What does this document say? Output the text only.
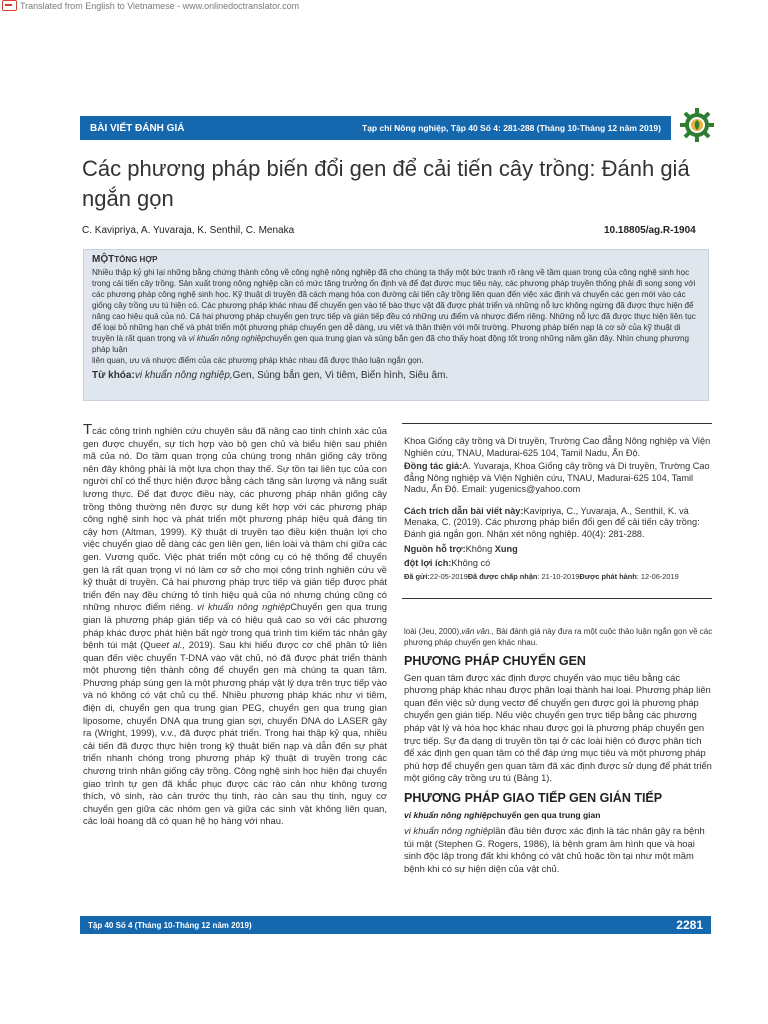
Translated from English to Vietnamese - www.onlinedoctranslator.com
BÀI VIẾT ĐÁNH GIÁ	Tạp chí Nông nghiệp, Tập 40 Số 4: 281-288 (Tháng 10-Tháng 12 năm 2019)
Các phương pháp biến đổi gen để cải tiến cây trồng: Đánh giá ngắn gọn
C. Kavipriya, A. Yuvaraja, K. Senthil, C. Menaka	10.18805/ag.R-1904
MỘTTỔNG HỢP
Nhiều thập kỷ ghi lại những bằng chứng thành công về công nghệ nông nghiệp đã cho chúng ta thấy một bức tranh rõ ràng về tầm quan trọng của công nghệ sinh học trong cải tiến cây trồng. Sản xuất trong nông nghiệp cần có mức tăng trưởng ổn định và để đạt được mục tiêu này, các phương pháp truyền thống phải đi song song với các phương pháp công nghệ sinh học. Kỹ thuật di truyền đã cách mạng hóa con đường cải tiến cây trồng liên quan đến việc xác định và chuyển các gen mới vào các giống cây trồng ưu tú hiện có. Các phương pháp khác nhau để chuyển gen vào tế bào thực vật đã được phát triển và những nỗ lực không ngừng đã được thực hiện để nâng cao hiệu quả của nó. Cả hai phương pháp chuyển gen trực tiếp và gián tiếp đều có những ưu điểm và nhược điểm riêng. Những nỗ lực đã được thực hiện liên tục để loại bỏ những hạn chế và phát triển một phương pháp chuyển gen dễ dàng, ưu việt và thân thiện với môi trường. Phương pháp biến nạp là cơ sở của kỹ thuật di truyền là rất quan trọng và vi khuẩn nông nghiệpchuyển gen qua trung gian và súng bắn gen đã cho thấy hoạt động tốt trong những năm gần đây. Nhìn chung phương pháp luận
liên quan, ưu và nhược điểm của các phương pháp khác nhau đã được thảo luận ngắn gọn.
Từ khóa:vi khuẩn nông nghiệp,Gen, Súng bắn gen, Vi tiêm, Biến hình, Siêu âm.
Tcác công trình nghiên cứu chuyên sâu đã nâng cao tính chính xác của gen được chuyển, sự tích hợp vào bộ gen chủ và biểu hiện sau phiên mã của nó. Do tầm quan trọng của chúng trong nhân giống cây trồng nên đây không phải là một lựa chọn thay thế. Sự tồn tại liên tục của con người chỉ có thể thực hiện được bằng cách tăng sản lượng và năng suất lương thực. Để đạt được điều này, các phương pháp nhân giống cây trồng thông thường nên được sự dung kết hợp với các phương pháp công nghệ sinh học và phát triển một phương pháp hiệu quả đáng tin cậy hơn (Altman, 1999). Kỹ thuật di truyền tạo điều kiện thuận lợi cho việc chuyển giao dễ dàng các gen liên gen, liên loài và thậm chí giữa các gen. Vương quốc. Việc phát triển một công cụ có hệ thống để chuyển gen là rất quan trọng vì nó làm cơ sở cho mọi công trình nghiên cứu về kỹ thuật di truyền. Cả hai phương pháp trực tiếp và gián tiếp được phát triển đến nay đều chứng tỏ tính hiệu quả của nó nhưng chúng cũng có những nhược điểm riêng. vi khuẩn nông nghiệpChuyển gen qua trung gian là phương pháp gián tiếp và có hiệu quả cao so với các phương pháp khác được phát hiện bất ngờ trong quá trình tìm kiếm tác nhân gây bệnh túi mật (Queet al., 2019). Sau khi hiểu được cơ chế phân tử liên quan đến việc chuyển T-DNA vào vật chủ, nó đã được phát triển thành một phương tiện thành công để chuyển gen mà chúng ta quan tâm. Phương pháp súng gen là một phương pháp vật lý dựa trên trực tiếp vào và nó không có vật chủ cụ thể. Nhiều phương pháp khác như vi tiêm, điện di, chuyển gen qua trung gian PEG, chuyển gen qua trung gian liposome, chuyển DNA qua trung gian sợi, chuyển DNA do LASER gây ra (Wright, 1999), v.v., đã được phát triển. Trong hai thập kỷ qua, nhiều cải tiến đã được thực hiện trong kỹ thuật biến nạp và dẫn đến sự phát triển nhanh chóng trong phương pháp kỹ thuật di truyền trong các chương trình nhân giống cây trồng. Công nghệ sinh học hiện đại chuyển giao trình tự gen đã khắc phục được các rào cản như không tương thích, vô sinh, rào cản trước thụ tinh, rào cản sau thụ tinh, nguy cơ chuyển gen giữa các nhóm gen và giữa các sinh vật không liên quan, các loài hoang dã có quan hệ họ hàng với nhau.

Khoa Giống cây trồng và Di truyền, Trường Cao đẳng Nông nghiệp và Viện Nghiên cứu, TNAU, Madurai-625 104, Tamil Nadu, Ấn Độ.

Đồng tác giả:A. Yuvaraja, Khoa Giống cây trồng và Di truyền, Trường Cao đẳng Nông nghiệp và Viện Nghiên cứu, TNAU, Madurai-625 104, Tamil Nadu, Ấn Độ. Email: yugenics@yahoo.com

Cách trích dẫn bài viết này:Kavipriya, C., Yuvaraja, A., Senthil, K. và Menaka, C. (2019). Các phương pháp biến đổi gen để cải tiến cây trồng: Đánh giá ngắn gọn. Nhận xét nông nghiệp. 40(4): 281-288.

Nguồn hỗ trợ:Không Xung

đột lợi ích:Không có

Đã gửi:22-05-2019Đã được chấp nhận: 21-10-2019Được phát hành: 12-06-2019

loài (Jeu, 2000),văn vân., Bài đánh giá này đưa ra một cuộc thảo luận ngắn gọn về các phương pháp chuyển gen khác nhau.

PHƯƠNG PHÁP CHUYỂN GEN

Gen quan tâm được xác định được chuyển vào mục tiêu bằng các phương pháp khác nhau được phân loại thành hai loại. Phương pháp liên quan đến việc sử dụng vectơ để chuyển gen được gọi là phương pháp chuyển gen gián tiếp. Nếu việc chuyển gen trực tiếp bằng các phương pháp vật lý và hóa học khác nhau được gọi là phương pháp chuyển gen trực tiếp. Sự đa dạng di truyền tồn tại ở các loài hiện có được phân tích để xác định gen quan tâm có thể đáp ứng mục tiêu và một phương pháp phù hợp để chuyển gen quan tâm đã xác định được sử dụng để phát triển một giống cây trồng ưu tú (Bảng 1).

PHƯƠNG PHÁP GIAO TIẾP GEN GIÁN TIẾP
vi khuẩn nông nghiệpchuyển gen qua trung gian

vi khuẩn nông nghiệplần đầu tiên được xác định là tác nhân gây ra bệnh túi mật (Stephen G. Rogers, 1986), là bệnh gram âm hình que và hoại sinh độc lập trong đất khi không có vật chủ hoặc tồn tại như một mầm bệnh khi có sự hiện diện của vật chủ.

Tập 40 Số 4 (Tháng 10-Tháng 12 năm 2019)	2281
